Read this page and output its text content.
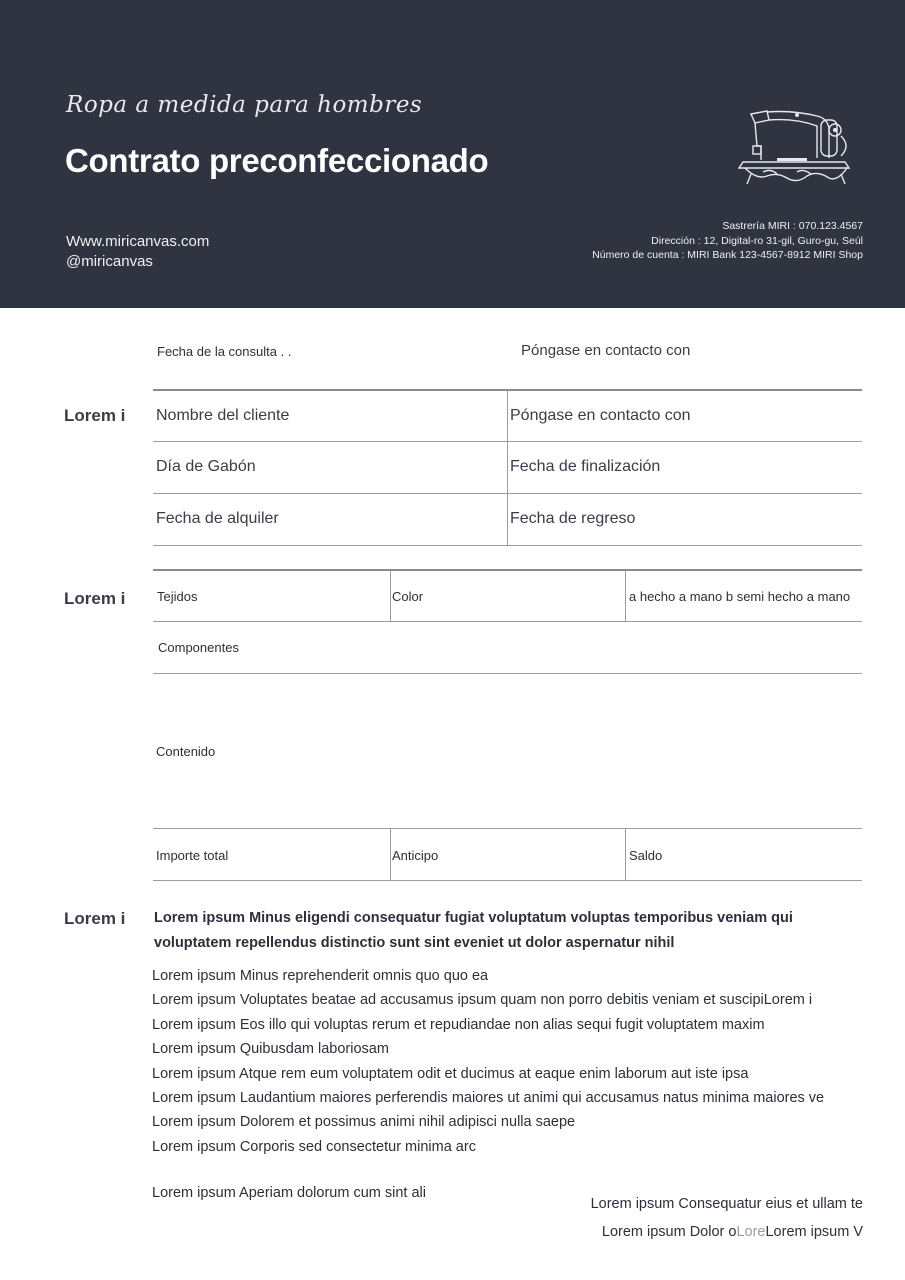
Ropa a medida para hombres
Contrato preconfeccionado
Www.miricanvas.com
@miricanvas
Sastrería MIRI : 070.123.4567
Dirección : 12, Digital-ro 31-gil, Guro-gu, Seúl
Número de cuenta : MIRI Bank 123-4567-8912 MIRI Shop
Fecha de la consulta . .	Póngase en contacto con
Lorem i Nombre del cliente	Póngase en contacto con
Día de Gabón	Fecha de finalización
Fecha de alquiler	Fecha de regreso
Lorem i Tejidos	Color	a hecho a mano b semi hecho a mano
Componentes
Contenido
Importe total	Anticipo	Saldo
Lorem i Lorem ipsum Minus eligendi consequatur fugiat voluptatum voluptas temporibus veniam qui voluptatem repellendus distinctio sunt sint eveniet ut dolor aspernatur nihil
Lorem ipsum Minus reprehenderit omnis quo quo ea
Lorem ipsum Voluptates beatae ad accusamus ipsum quam non porro debitis veniam et suscipiLorem i
Lorem ipsum Eos illo qui voluptas rerum et repudiandae non alias sequi fugit voluptatem maxim
Lorem ipsum Quibusdam laboriosam
Lorem ipsum Atque rem eum voluptatem odit et ducimus at eaque enim laborum aut iste ipsa
Lorem ipsum Laudantium maiores perferendis maiores ut animi qui accusamus natus minima maiores ve
Lorem ipsum Dolorem et possimus animi nihil adipisci nulla saepe
Lorem ipsum Corporis sed consectetur minima arc
Lorem ipsum Aperiam dolorum cum sint ali
Lorem ipsum Consequatur eius et ullam te
Lorem ipsum Dolor oLoreLorem ipsum V
